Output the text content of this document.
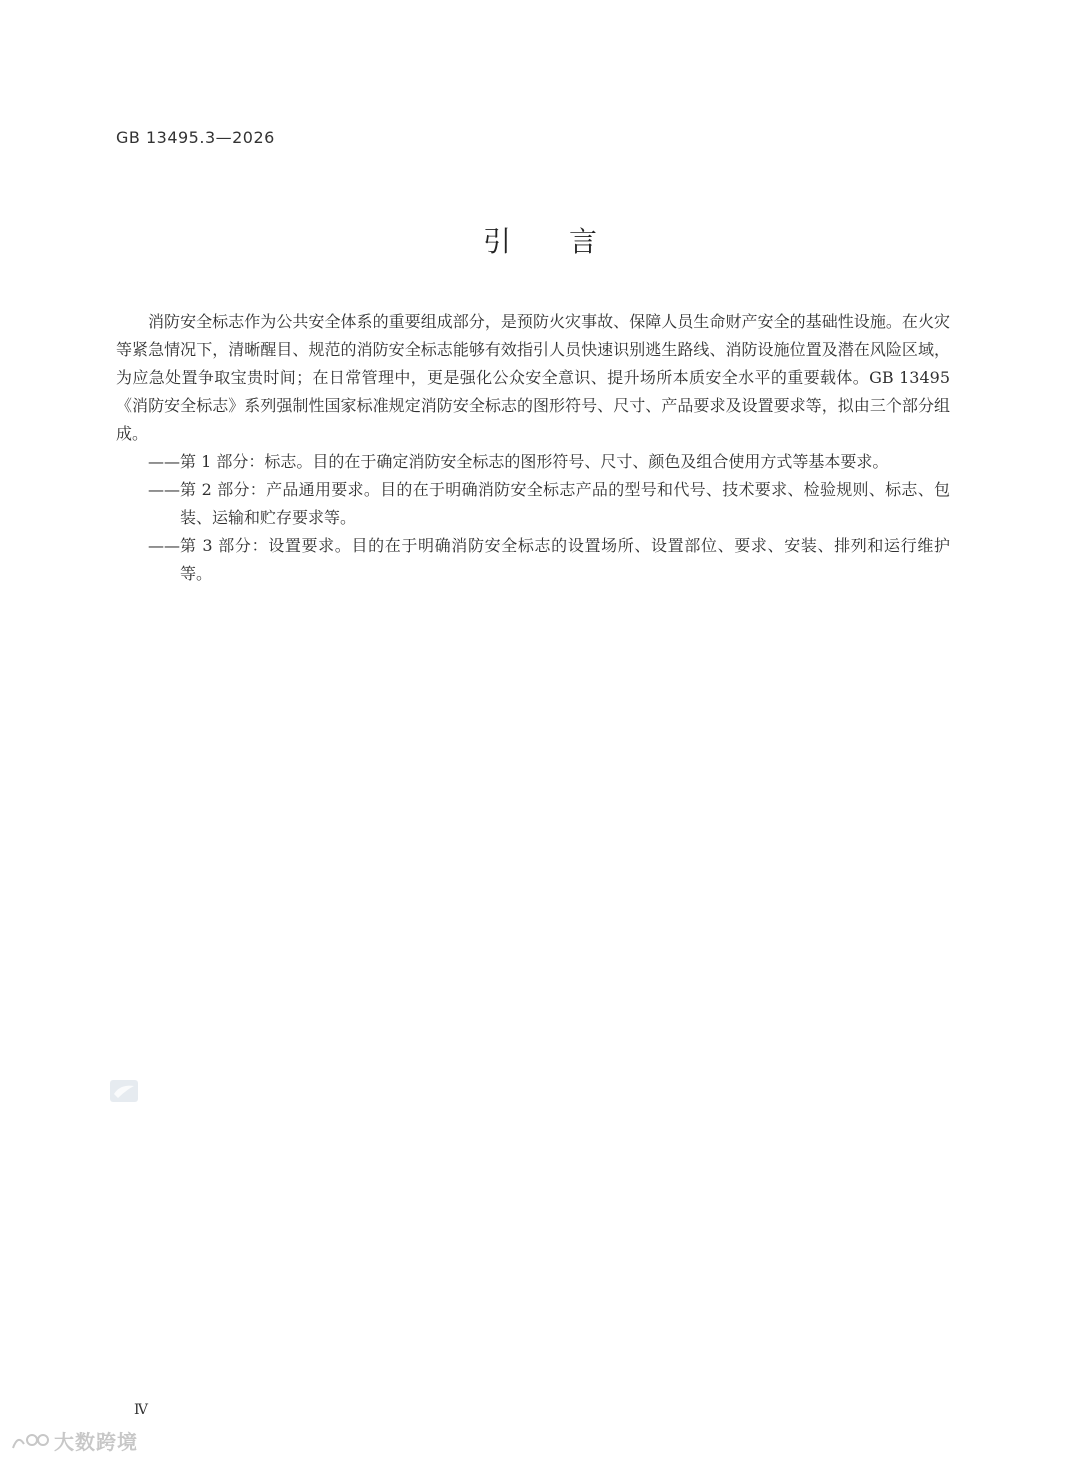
GB 13495.3—2026
引 言

消防安全标志作为公共安全体系的重要组成部分，是预防火灾事故、保障人员生命财产安全的基础性设施。在火灾等紧急情况下，清晰醒目、规范的消防安全标志能够有效指引人员快速识别逃生路线、消防设施位置及潜在风险区域，为应急处置争取宝贵时间；在日常管理中，更是强化公众安全意识、提升场所本质安全水平的重要载体。GB 13495《消防安全标志》系列强制性国家标准规定消防安全标志的图形符号、尺寸、产品要求及设置要求等，拟由三个部分组成。

—— 第 1 部分：标志。目的在于确定消防安全标志的图形符号、尺寸、颜色及组合使用方式等基本要求。
—— 第 2 部分：产品通用要求。目的在于明确消防安全标志产品的型号和代号、技术要求、检验规则、标志、包装、运输和贮存要求等。
—— 第 3 部分：设置要求。目的在于明确消防安全标志的设置场所、设置部位、要求、安装、排列和运行维护等。
Ⅳ
大数跨境
